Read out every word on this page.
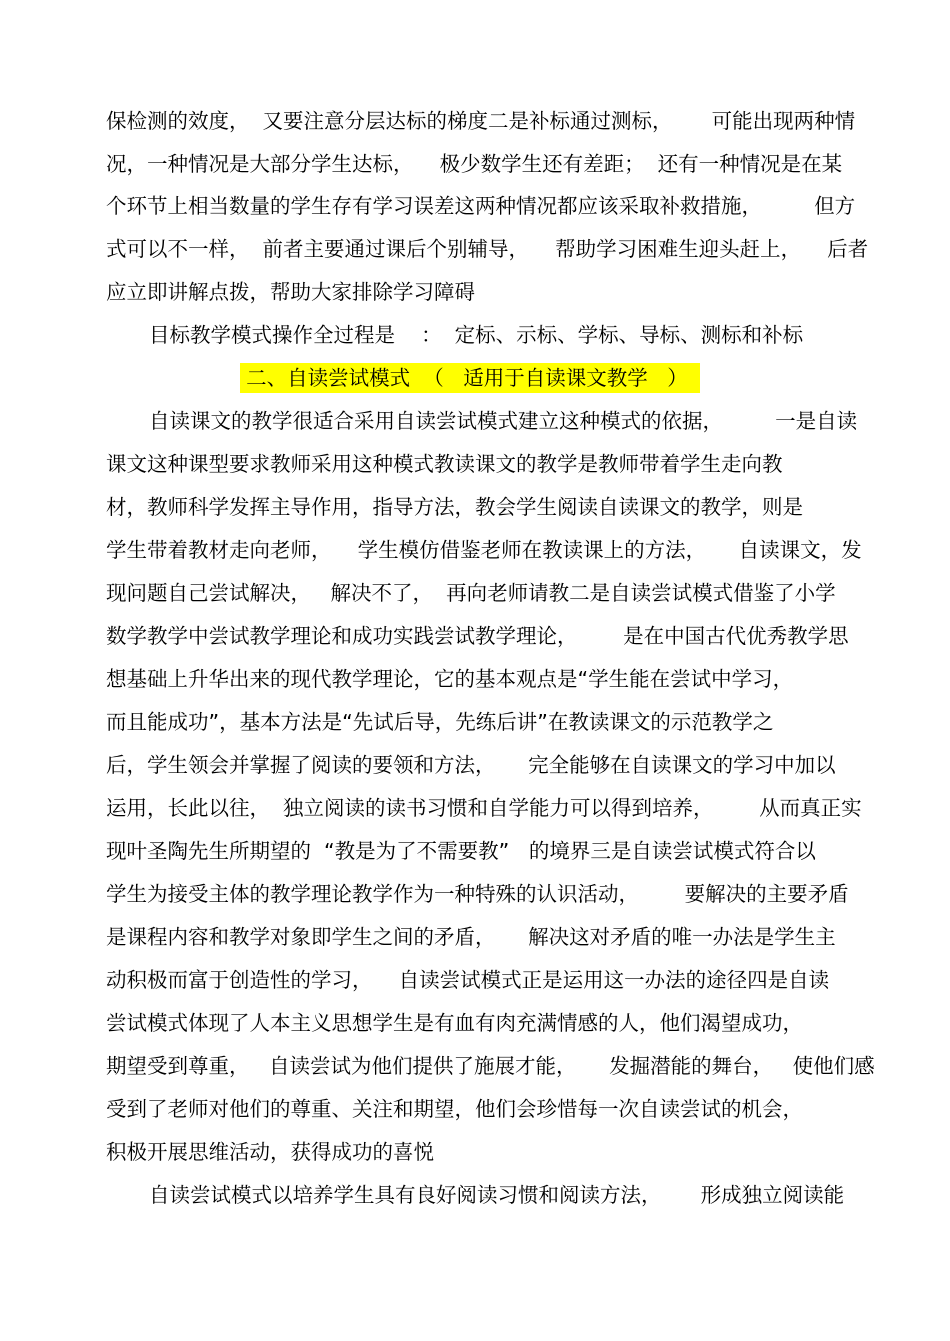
保检测的效度，  又要注意分层达标的梯度二是补标通过测标，      可能出现两种情
况，一种情况是大部分学生达标，    极少数学生还有差距；  还有一种情况是在某
个环节上相当数量的学生存有学习误差这两种情况都应该采取补救措施，        但方
式可以不一样，  前者主要通过课后个别辅导，    帮助学习困难生迎头赶上，    后者
应立即讲解点拨，帮助大家排除学习障碍
目标教学模式操作全过程是    ：  定标、示标、学标、导标、测标和补标
二、自读尝试模式  （   适用于自读课文教学   ）
自读课文的教学很适合采用自读尝试模式建立这种模式的依据，        一是自读
课文这种课型要求教师采用这种模式教读课文的教学是教师带着学生走向教
材，教师科学发挥主导作用，指导方法，教会学生阅读自读课文的教学，则是
学生带着教材走向老师，    学生模仿借鉴老师在教读课上的方法，     自读课文，发
现问题自己尝试解决，   解决不了，  再向老师请教二是自读尝试模式借鉴了小学
数学教学中尝试教学理论和成功实践尝试教学理论，       是在中国古代优秀教学思
想基础上升华出来的现代教学理论，它的基本观点是“学生能在尝试中学习，
而且能成功”，基本方法是“先试后导，先练后讲”在教读课文的示范教学之
后，学生领会并掌握了阅读的要领和方法，     完全能够在自读课文的学习中加以
运用，长此以往，  独立阅读的读书习惯和自学能力可以得到培养，       从而真正实
现叶圣陶先生所期望的  “教是为了不需要教”   的境界三是自读尝试模式符合以
学生为接受主体的教学理论教学作为一种特殊的认识活动，       要解决的主要矛盾
是课程内容和教学对象即学生之间的矛盾，     解决这对矛盾的唯一办法是学生主
动积极而富于创造性的学习，    自读尝试模式正是运用这一办法的途径四是自读
尝试模式体现了人本主义思想学生是有血有肉充满情感的人，他们渴望成功，
期望受到尊重，   自读尝试为他们提供了施展才能，     发掘潜能的舞台，   使他们感
受到了老师对他们的尊重、关注和期望，他们会珍惜每一次自读尝试的机会，
积极开展思维活动，获得成功的喜悦
自读尝试模式以培养学生具有良好阅读习惯和阅读方法，      形成独立阅读能
